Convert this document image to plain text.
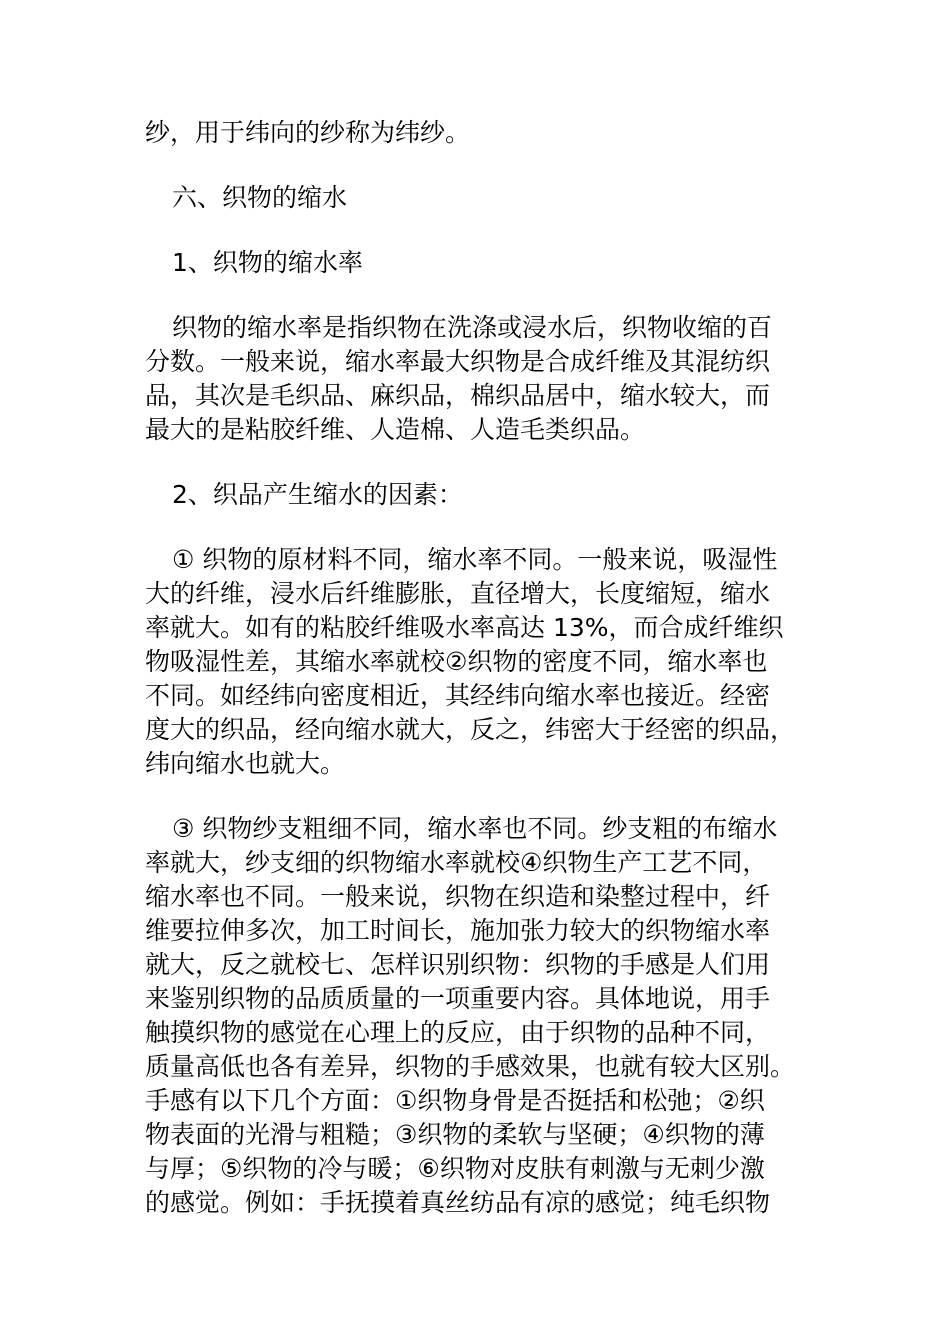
纱，用于纬向的纱称为纬纱。

六、织物的缩水

1、织物的缩水率

织物的缩水率是指织物在洗涤或浸水后，织物收缩的百

分数。一般来说，缩水率最大织物是合成纤维及其混纺织

品，其次是毛织品、麻织品，棉织品居中，缩水较大，而

最大的是粘胶纤维、人造棉、人造毛类织品。

2、织品产生缩水的因素：

① 织物的原材料不同，缩水率不同。一般来说，吸湿性

大的纤维，浸水后纤维膨胀，直径增大，长度缩短，缩水

率就大。如有的粘胶纤维吸水率高达 13%，而合成纤维织

物吸湿性差，其缩水率就校②织物的密度不同，缩水率也

不同。如经纬向密度相近，其经纬向缩水率也接近。经密

度大的织品，经向缩水就大，反之，纬密大于经密的织品，

纬向缩水也就大。

③ 织物纱支粗细不同，缩水率也不同。纱支粗的布缩水

率就大，纱支细的织物缩水率就校④织物生产工艺不同，

缩水率也不同。一般来说，织物在织造和染整过程中，纤

维要拉伸多次，加工时间长，施加张力较大的织物缩水率

就大，反之就校七、怎样识别织物：织物的手感是人们用

来鉴别织物的品质质量的一项重要内容。具体地说，用手

触摸织物的感觉在心理上的反应，由于织物的品种不同，

质量高低也各有差异，织物的手感效果，也就有较大区别。

手感有以下几个方面：①织物身骨是否挺括和松弛；②织

物表面的光滑与粗糙；③织物的柔软与坚硬；④织物的薄

与厚；⑤织物的冷与暖；⑥织物对皮肤有刺激与无刺少激

的感觉。例如：手抚摸着真丝纺品有凉的感觉；纯毛织物
